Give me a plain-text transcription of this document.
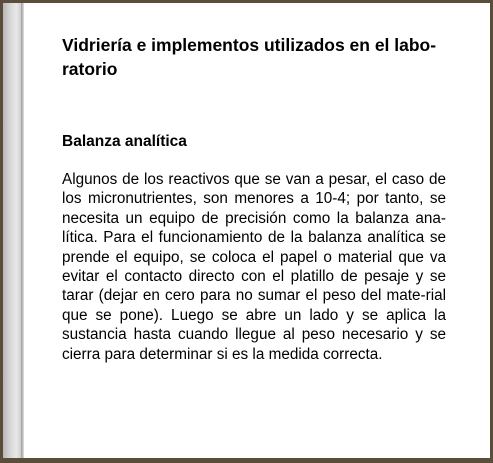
Vidriería e implementos utilizados en el labo-ratorio
Balanza analítica

Algunos de los reactivos que se van a pesar, el caso de los micronutrientes, son menores a 10-4; por tanto, se necesita un equipo de precisión como la balanza ana-lítica. Para el funcionamiento de la balanza analítica se prende el equipo, se coloca el papel o material que va evitar el contacto directo con el platillo de pesaje y se tarar (dejar en cero para no sumar el peso del mate-rial que se pone). Luego se abre un lado y se aplica la sustancia hasta cuando llegue al peso necesario y se cierra para determinar si es la medida correcta.
